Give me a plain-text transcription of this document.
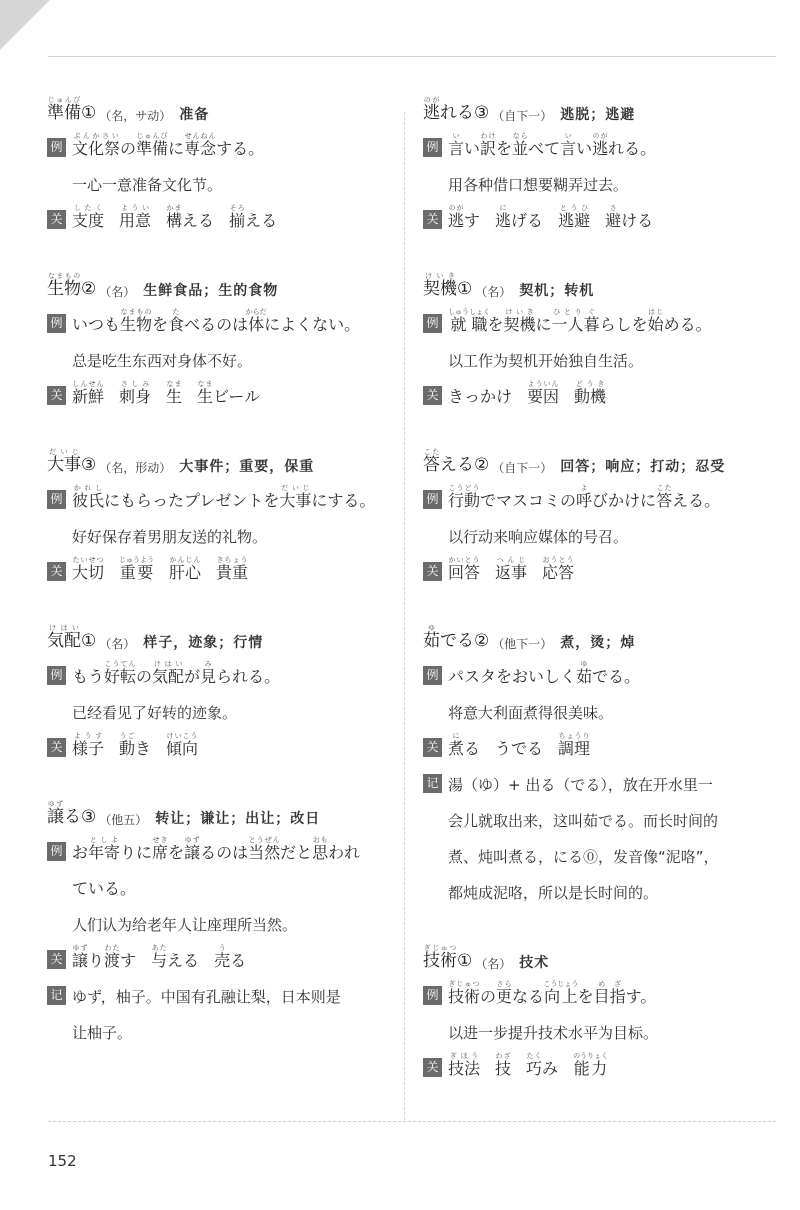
準備じゅんび① （名，サ动） 准备
例 文化祭ぶんかさいの準備じゅんびに専念せんねんする。
一心一意准备文化节。
关 支度したく
用意ようい
構かまえる 揃そろえる
生物なまもの② （名） 生鲜食品；生的食物
例 いつも生物なまものを食たべるのは体からだによくない。
总是吃生东西对身体不好。
关 新鮮しんせん
刺身さしみ
生なま
生なまビール
大事だいじ③ （名，形动） 大事件；重要，保重
例 彼氏かれしにもらったプレゼントを大事だいじにする。
好好保存着男朋友送的礼物。
关 大切たいせつ
重要じゅうよう
肝心かんじん
貴重きちょう
気配けはい① （名） 样子，迹象；行情
例 もう好転こうてんの気配けはいが見みられる。
已经看见了好转的迹象。
关 様子ようす
動うごき 傾向けいこう
譲ゆずる③ （他五） 转让；谦让；出让；改日
例 お年寄としよりに席せきを譲ゆずるのは当然とうぜんだと思おもわれ
ている。
人们认为给老年人让座理所当然。
关 譲ゆずり渡わたす 与あたえる 売うる
记 ゆず，柚子。中国有孔融让梨，日本则是
让柚子。
逃のがれる③ （自下一） 逃脱；逃避
例 言いい訳わけを並ならべて言いい逃のがれる。
用各种借口想要糊弄过去。
关 逃のがす 逃にげる 逃避とうひ
避さける
契機けいき① （名） 契机；转机
例 就職しゅうしょくを契機けいきに一人ひとり暮ぐらしを始はじめる。
以工作为契机开始独自生活。
关 きっかけ 要因よういん
動機どうき
答こたえる② （自下一） 回答；响应；打动；忍受
例 行動こうどうでマスコミの呼よびかけに答こたえる。
以行动来响应媒体的号召。
关 回答かいとう
返事へんじ
応答おうとう
茹ゆでる② （他下一） 煮，烫；焯
例 パスタをおいしく茹ゆでる。
将意大利面煮得很美味。
关 煮にる うでる 調理ちょうり
记 湯（ゆ）+ 出る（でる），放在开水里一
会儿就取出来，这叫茹でる。而长时间的
煮、炖叫煮る，にる⓪，发音像“泥咯”，
都炖成泥咯，所以是长时间的。
技術ぎじゅつ① （名） 技术
例 技術ぎじゅつの更さらなる向上こうじょうを目指めざす。
以进一步提升技术水平为目标。
关 技法ぎほう
技わざ
巧たくみ 能力のうりょく
152
